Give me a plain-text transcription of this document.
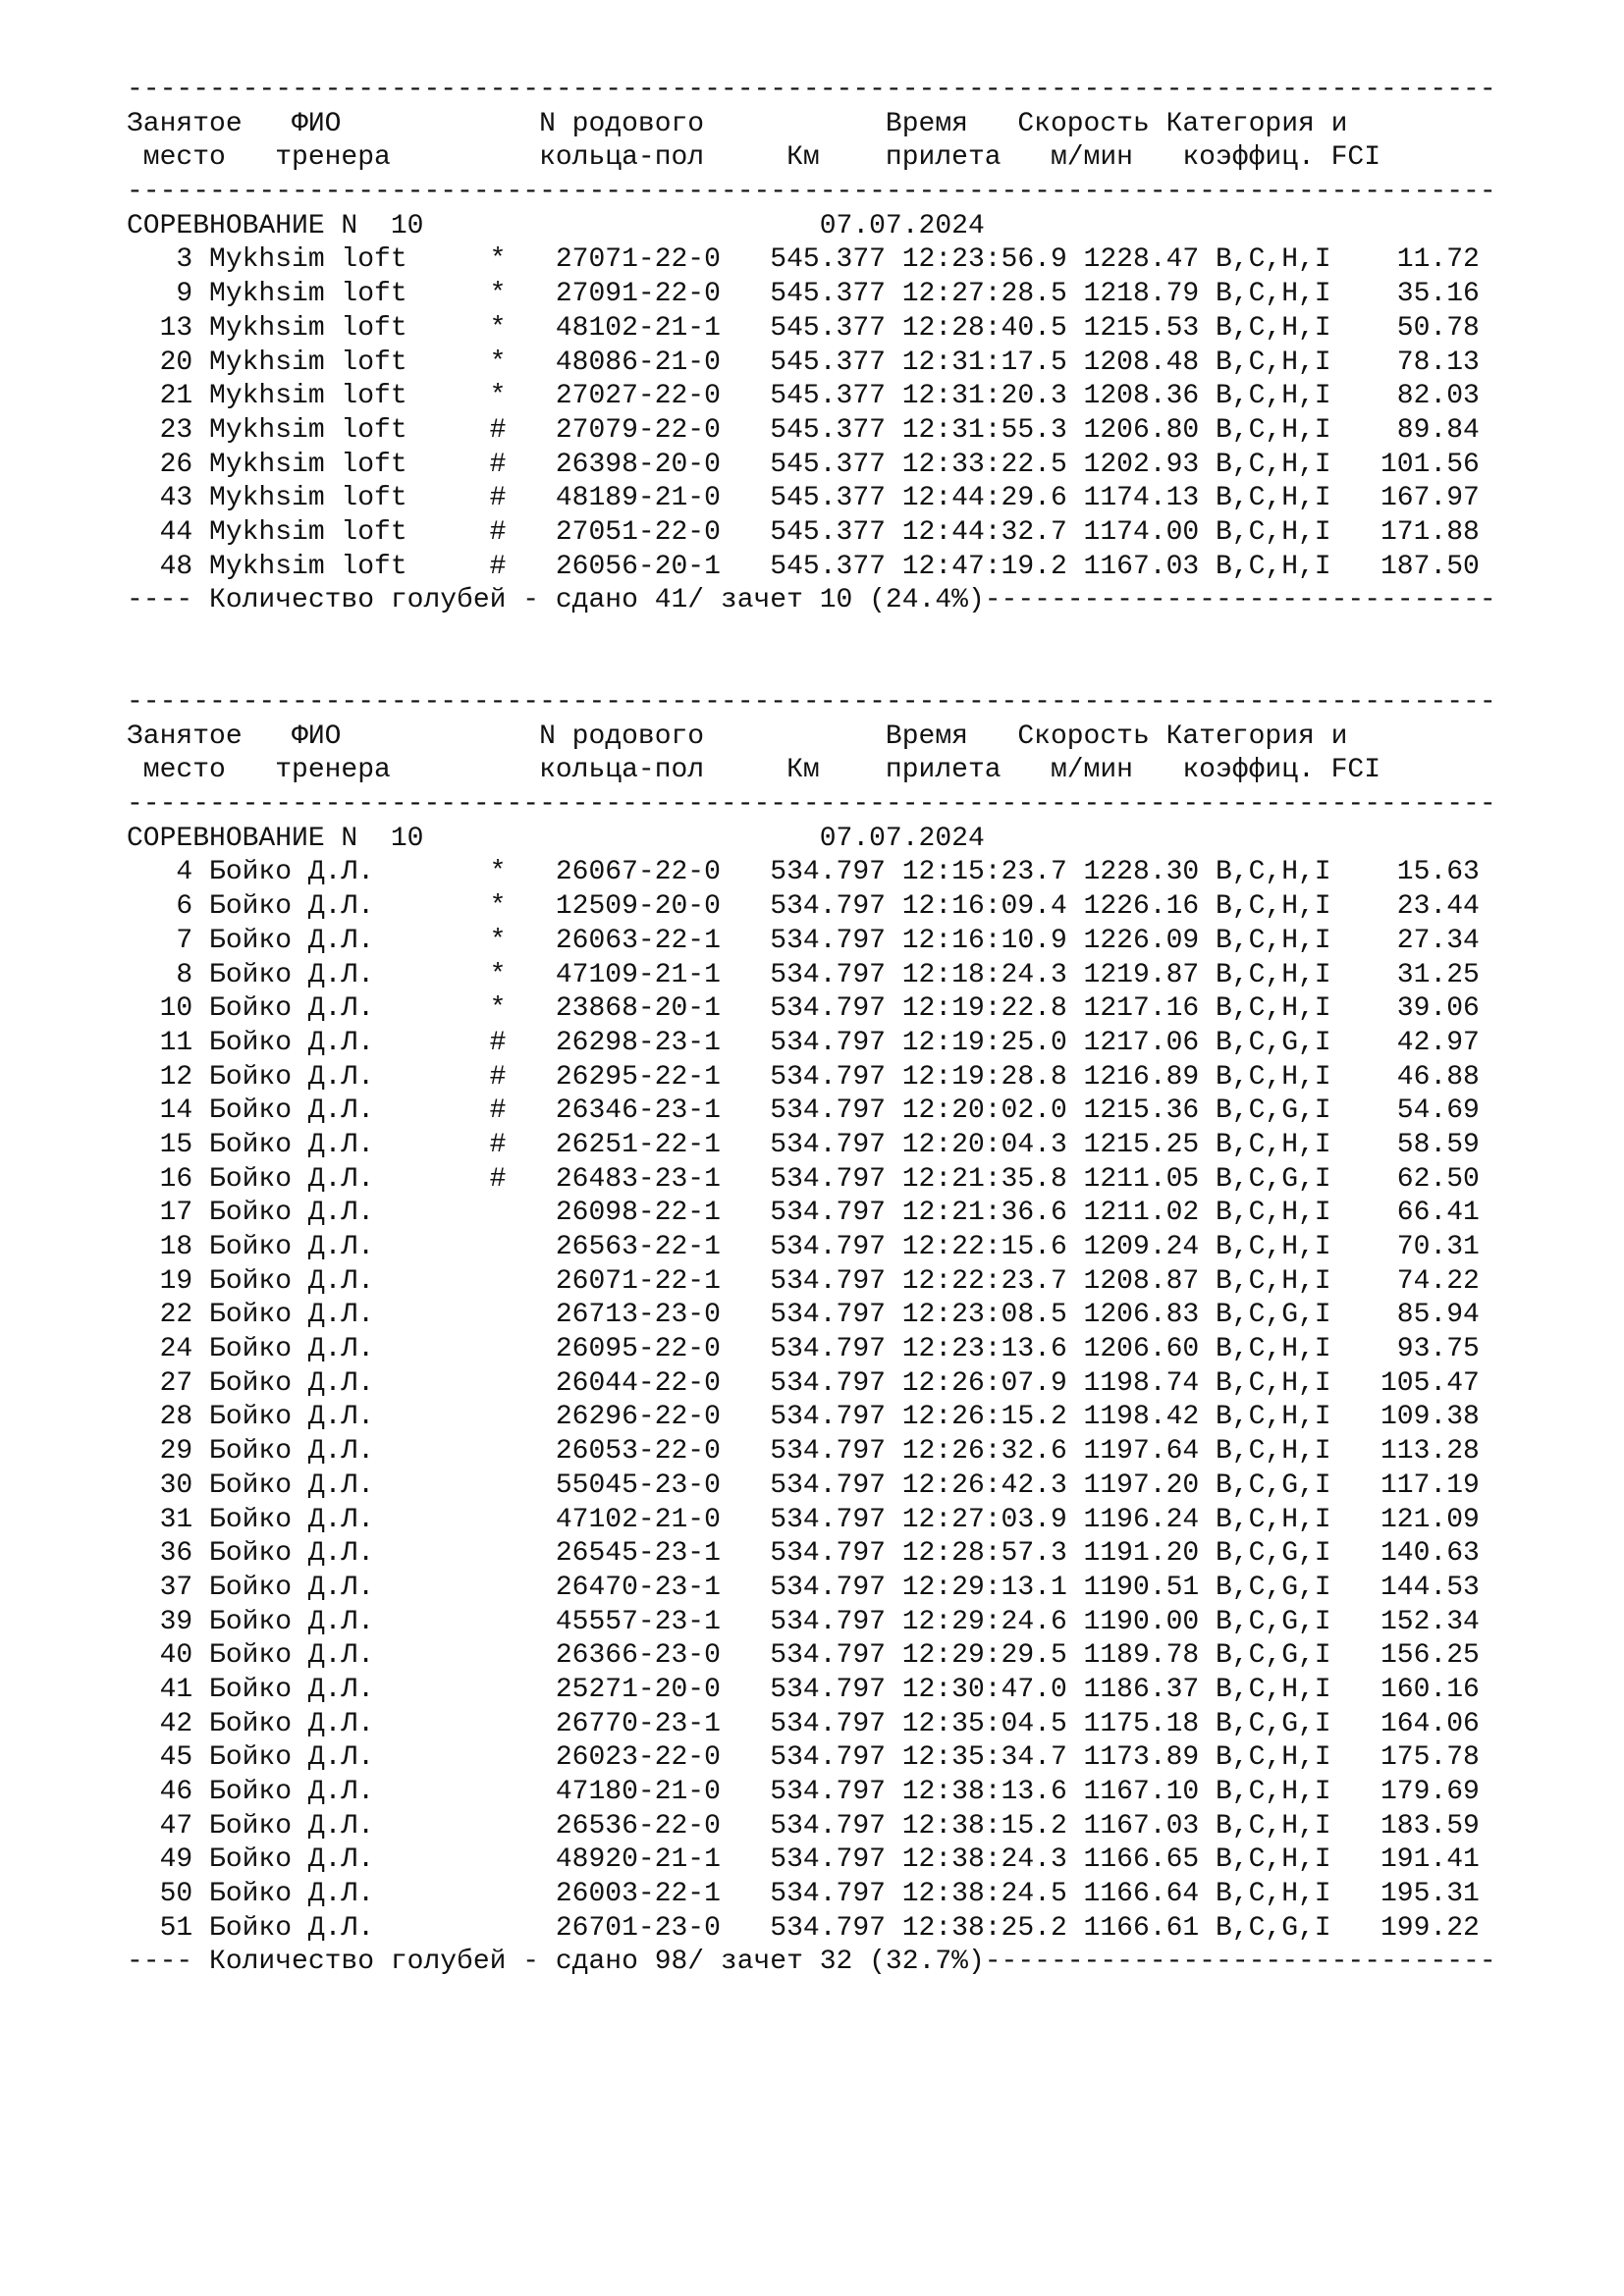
-----------------------------------------------------------------------------------
Занятое   ФИО            N родового           Время   Скорость Категория и
место   тренера         кольца-пол     Км    прилета   м/мин   коэффиц. FCI
-----------------------------------------------------------------------------------
СОРЕВНОВАНИЕ N  10                        07.07.2024
3 Mykhsim loft     *   27071-22-0   545.377 12:23:56.9 1228.47 B,C,H,I    11.72
9 Mykhsim loft     *   27091-22-0   545.377 12:27:28.5 1218.79 B,C,H,I    35.16
13 Mykhsim loft     *   48102-21-1   545.377 12:28:40.5 1215.53 B,C,H,I    50.78
20 Mykhsim loft     *   48086-21-0   545.377 12:31:17.5 1208.48 B,C,H,I    78.13
21 Mykhsim loft     *   27027-22-0   545.377 12:31:20.3 1208.36 B,C,H,I    82.03
23 Mykhsim loft     #   27079-22-0   545.377 12:31:55.3 1206.80 B,C,H,I    89.84
26 Mykhsim loft     #   26398-20-0   545.377 12:33:22.5 1202.93 B,C,H,I   101.56
43 Mykhsim loft     #   48189-21-0   545.377 12:44:29.6 1174.13 B,C,H,I   167.97
44 Mykhsim loft     #   27051-22-0   545.377 12:44:32.7 1174.00 B,C,H,I   171.88
48 Mykhsim loft     #   26056-20-1   545.377 12:47:19.2 1167.03 B,C,H,I   187.50
---- Количество голубей - сдано 41/ зачет 10 (24.4%)-------------------------------
-----------------------------------------------------------------------------------
Занятое   ФИО            N родового           Время   Скорость Категория и
место   тренера         кольца-пол     Км    прилета   м/мин   коэффиц. FCI
-----------------------------------------------------------------------------------
СОРЕВНОВАНИЕ N  10                        07.07.2024
4 Бойко Д.Л.       *   26067-22-0   534.797 12:15:23.7 1228.30 B,C,H,I    15.63
6 Бойко Д.Л.       *   12509-20-0   534.797 12:16:09.4 1226.16 B,C,H,I    23.44
7 Бойко Д.Л.       *   26063-22-1   534.797 12:16:10.9 1226.09 B,C,H,I    27.34
8 Бойко Д.Л.       *   47109-21-1   534.797 12:18:24.3 1219.87 B,C,H,I    31.25
10 Бойко Д.Л.       *   23868-20-1   534.797 12:19:22.8 1217.16 B,C,H,I    39.06
11 Бойко Д.Л.       #   26298-23-1   534.797 12:19:25.0 1217.06 B,C,G,I    42.97
12 Бойко Д.Л.       #   26295-22-1   534.797 12:19:28.8 1216.89 B,C,H,I    46.88
14 Бойко Д.Л.       #   26346-23-1   534.797 12:20:02.0 1215.36 B,C,G,I    54.69
15 Бойко Д.Л.       #   26251-22-1   534.797 12:20:04.3 1215.25 B,C,H,I    58.59
16 Бойко Д.Л.       #   26483-23-1   534.797 12:21:35.8 1211.05 B,C,G,I    62.50
17 Бойко Д.Л.           26098-22-1   534.797 12:21:36.6 1211.02 B,C,H,I    66.41
18 Бойко Д.Л.           26563-22-1   534.797 12:22:15.6 1209.24 B,C,H,I    70.31
19 Бойко Д.Л.           26071-22-1   534.797 12:22:23.7 1208.87 B,C,H,I    74.22
22 Бойко Д.Л.           26713-23-0   534.797 12:23:08.5 1206.83 B,C,G,I    85.94
24 Бойко Д.Л.           26095-22-0   534.797 12:23:13.6 1206.60 B,C,H,I    93.75
27 Бойко Д.Л.           26044-22-0   534.797 12:26:07.9 1198.74 B,C,H,I   105.47
28 Бойко Д.Л.           26296-22-0   534.797 12:26:15.2 1198.42 B,C,H,I   109.38
29 Бойко Д.Л.           26053-22-0   534.797 12:26:32.6 1197.64 B,C,H,I   113.28
30 Бойко Д.Л.           55045-23-0   534.797 12:26:42.3 1197.20 B,C,G,I   117.19
31 Бойко Д.Л.           47102-21-0   534.797 12:27:03.9 1196.24 B,C,H,I   121.09
36 Бойко Д.Л.           26545-23-1   534.797 12:28:57.3 1191.20 B,C,G,I   140.63
37 Бойко Д.Л.           26470-23-1   534.797 12:29:13.1 1190.51 B,C,G,I   144.53
39 Бойко Д.Л.           45557-23-1   534.797 12:29:24.6 1190.00 B,C,G,I   152.34
40 Бойко Д.Л.           26366-23-0   534.797 12:29:29.5 1189.78 B,C,G,I   156.25
41 Бойко Д.Л.           25271-20-0   534.797 12:30:47.0 1186.37 B,C,H,I   160.16
42 Бойко Д.Л.           26770-23-1   534.797 12:35:04.5 1175.18 B,C,G,I   164.06
45 Бойко Д.Л.           26023-22-0   534.797 12:35:34.7 1173.89 B,C,H,I   175.78
46 Бойко Д.Л.           47180-21-0   534.797 12:38:13.6 1167.10 B,C,H,I   179.69
47 Бойко Д.Л.           26536-22-0   534.797 12:38:15.2 1167.03 B,C,H,I   183.59
49 Бойко Д.Л.           48920-21-1   534.797 12:38:24.3 1166.65 B,C,H,I   191.41
50 Бойко Д.Л.           26003-22-1   534.797 12:38:24.5 1166.64 B,C,H,I   195.31
51 Бойко Д.Л.           26701-23-0   534.797 12:38:25.2 1166.61 B,C,G,I   199.22
---- Количество голубей - сдано 98/ зачет 32 (32.7%)-------------------------------
